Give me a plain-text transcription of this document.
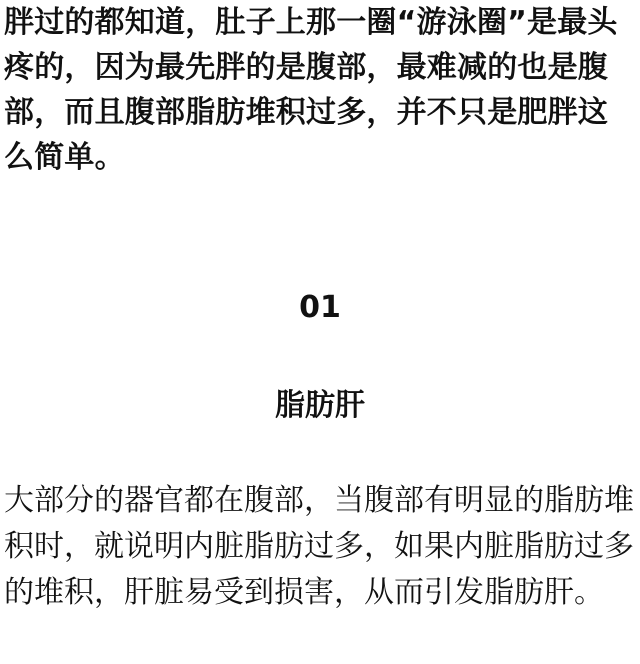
胖过的都知道，肚子上那一圈“游泳圈”是最头疼的，因为最先胖的是腹部，最难减的也是腹部，而且腹部脂肪堆积过多，并不只是肥胖这么简单。

01
脂肪肝

大部分的器官都在腹部，当腹部有明显的脂肪堆积时，就说明内脏脂肪过多，如果内脏脂肪过多的堆积，肝脏易受到损害，从而引发脂肪肝。
